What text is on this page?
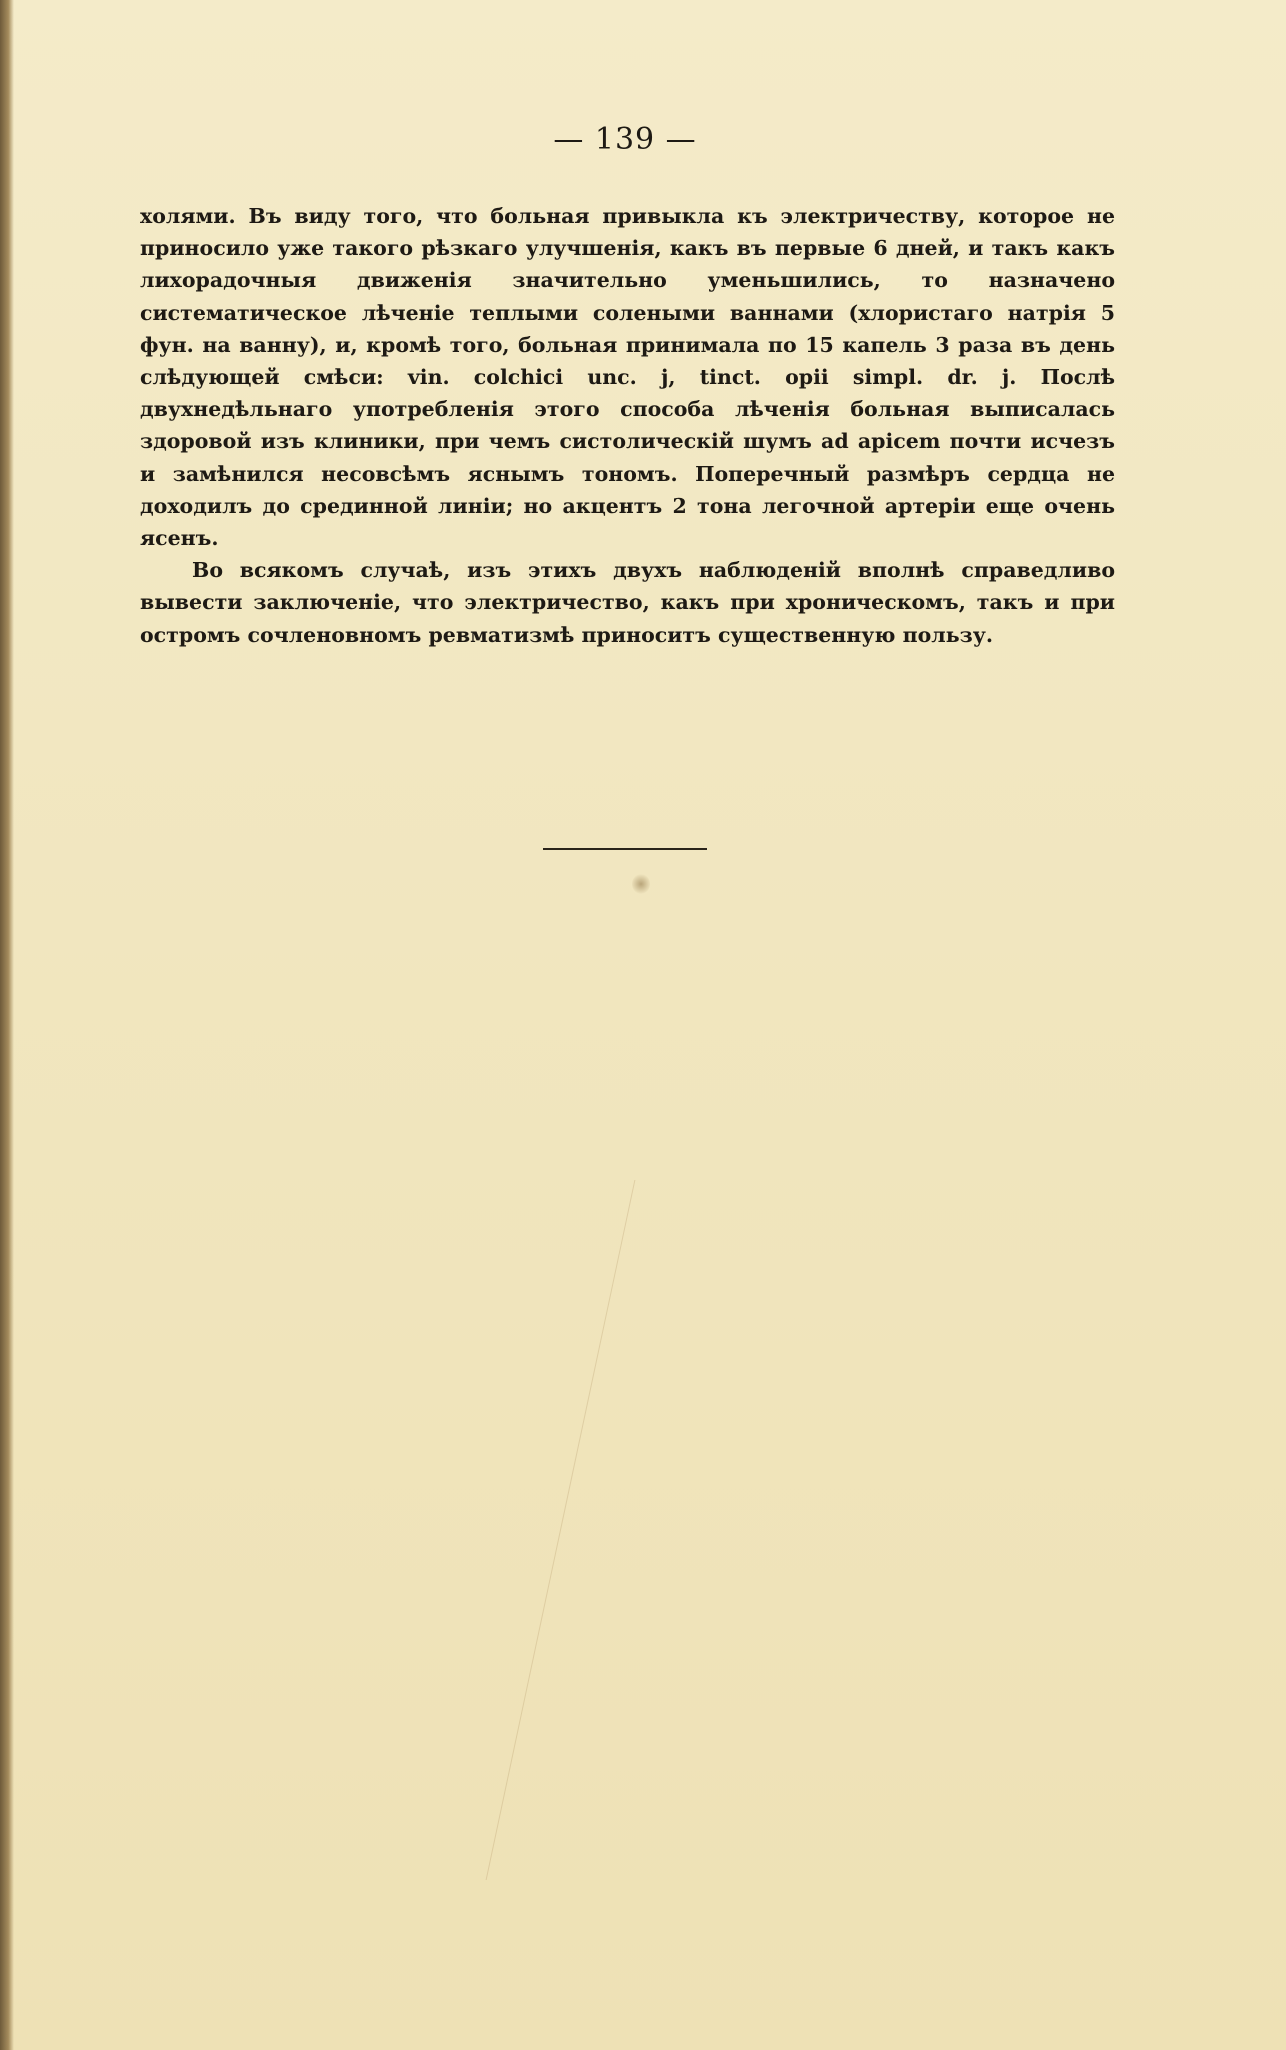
— 139 —

холями. Въ виду того, что больная привыкла къ электричеству, которое не приносило уже такого рѣзкаго улучшенія, какъ въ первые 6 дней, и такъ какъ лихорадочныя движенія значительно уменьшились, то назначено систематическое лѣченіе теплыми солеными ваннами (хлористаго натрія 5 фун. на ванну), и, кромѣ того, больная принимала по 15 капель 3 раза въ день слѣдующей смѣси: vin. colchici unc. j, tinct. opii simpl. dr. j. Послѣ двухнедѣльнаго употребленія этого способа лѣченія больная выписалась здоровой изъ клиники, при чемъ систолическій шумъ ad apicem почти исчезъ и замѣнился несовсѣмъ яснымъ тономъ. Поперечный размѣръ сердца не доходилъ до срединной линіи; но акцентъ 2 тона легочной артеріи еще очень ясенъ.

Во всякомъ случаѣ, изъ этихъ двухъ наблюденій вполнѣ справедливо вывести заключеніе, что электричество, какъ при хроническомъ, такъ и при остромъ сочленовномъ ревматизмѣ приноситъ существенную пользу.
